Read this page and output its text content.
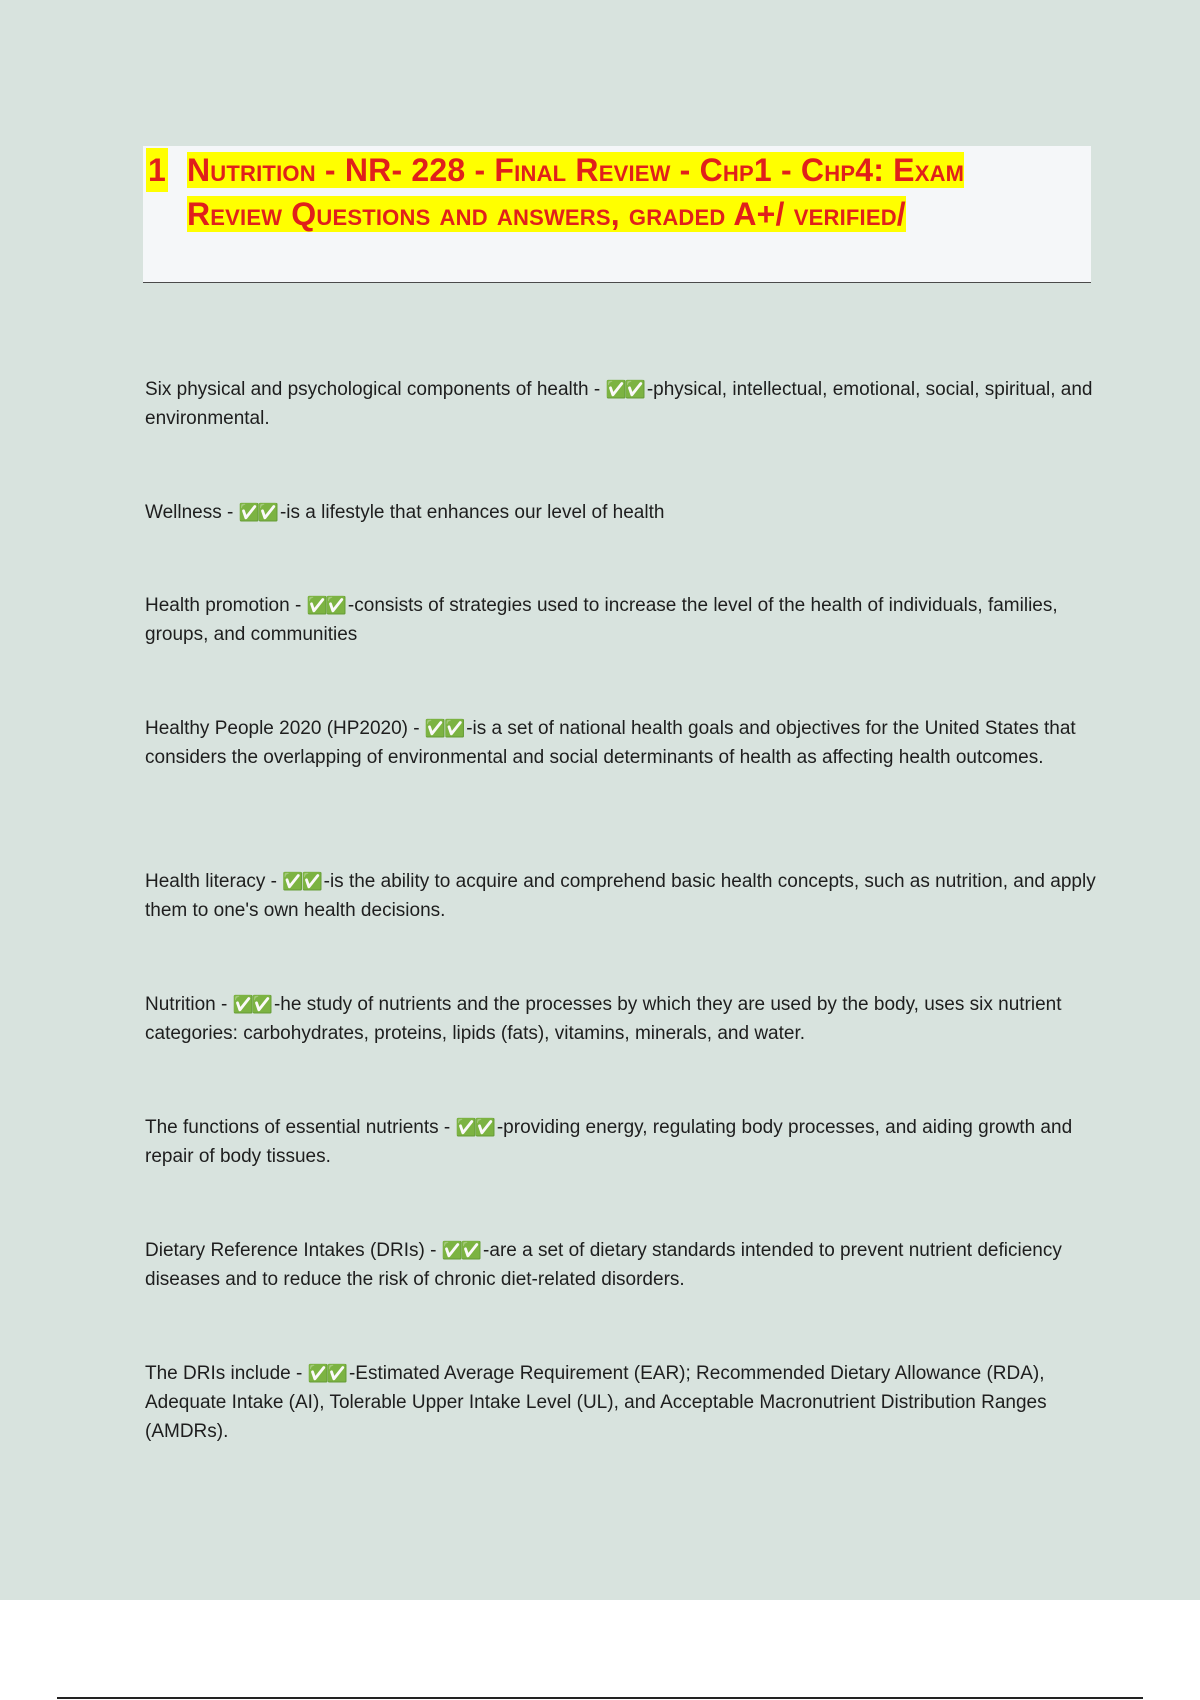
1 Nutrition - NR- 228 - Final Review - Chp1 - Chp4: Exam Review Questions and answers, graded A+/ verified/

Six physical and psychological components of health - ✅✅ -physical, intellectual, emotional, social, spiritual, and environmental.

Wellness - ✅✅ -is a lifestyle that enhances our level of health

Health promotion - ✅✅ -consists of strategies used to increase the level of the health of individuals, families, groups, and communities

Healthy People 2020 (HP2020) - ✅✅ -is a set of national health goals and objectives for the United States that considers the overlapping of environmental and social determinants of health as affecting health outcomes.

Health literacy - ✅✅ -is the ability to acquire and comprehend basic health concepts, such as nutrition, and apply them to one's own health decisions.

Nutrition - ✅✅ -he study of nutrients and the processes by which they are used by the body, uses six nutrient categories: carbohydrates, proteins, lipids (fats), vitamins, minerals, and water.

The functions of essential nutrients - ✅✅ -providing energy, regulating body processes, and aiding growth and repair of body tissues.

Dietary Reference Intakes (DRIs) - ✅✅ -are a set of dietary standards intended to prevent nutrient deficiency diseases and to reduce the risk of chronic diet-related disorders.

The DRIs include - ✅✅ -Estimated Average Requirement (EAR); Recommended Dietary Allowance (RDA), Adequate Intake (AI), Tolerable Upper Intake Level (UL), and Acceptable Macronutrient Distribution Ranges (AMDRs).
